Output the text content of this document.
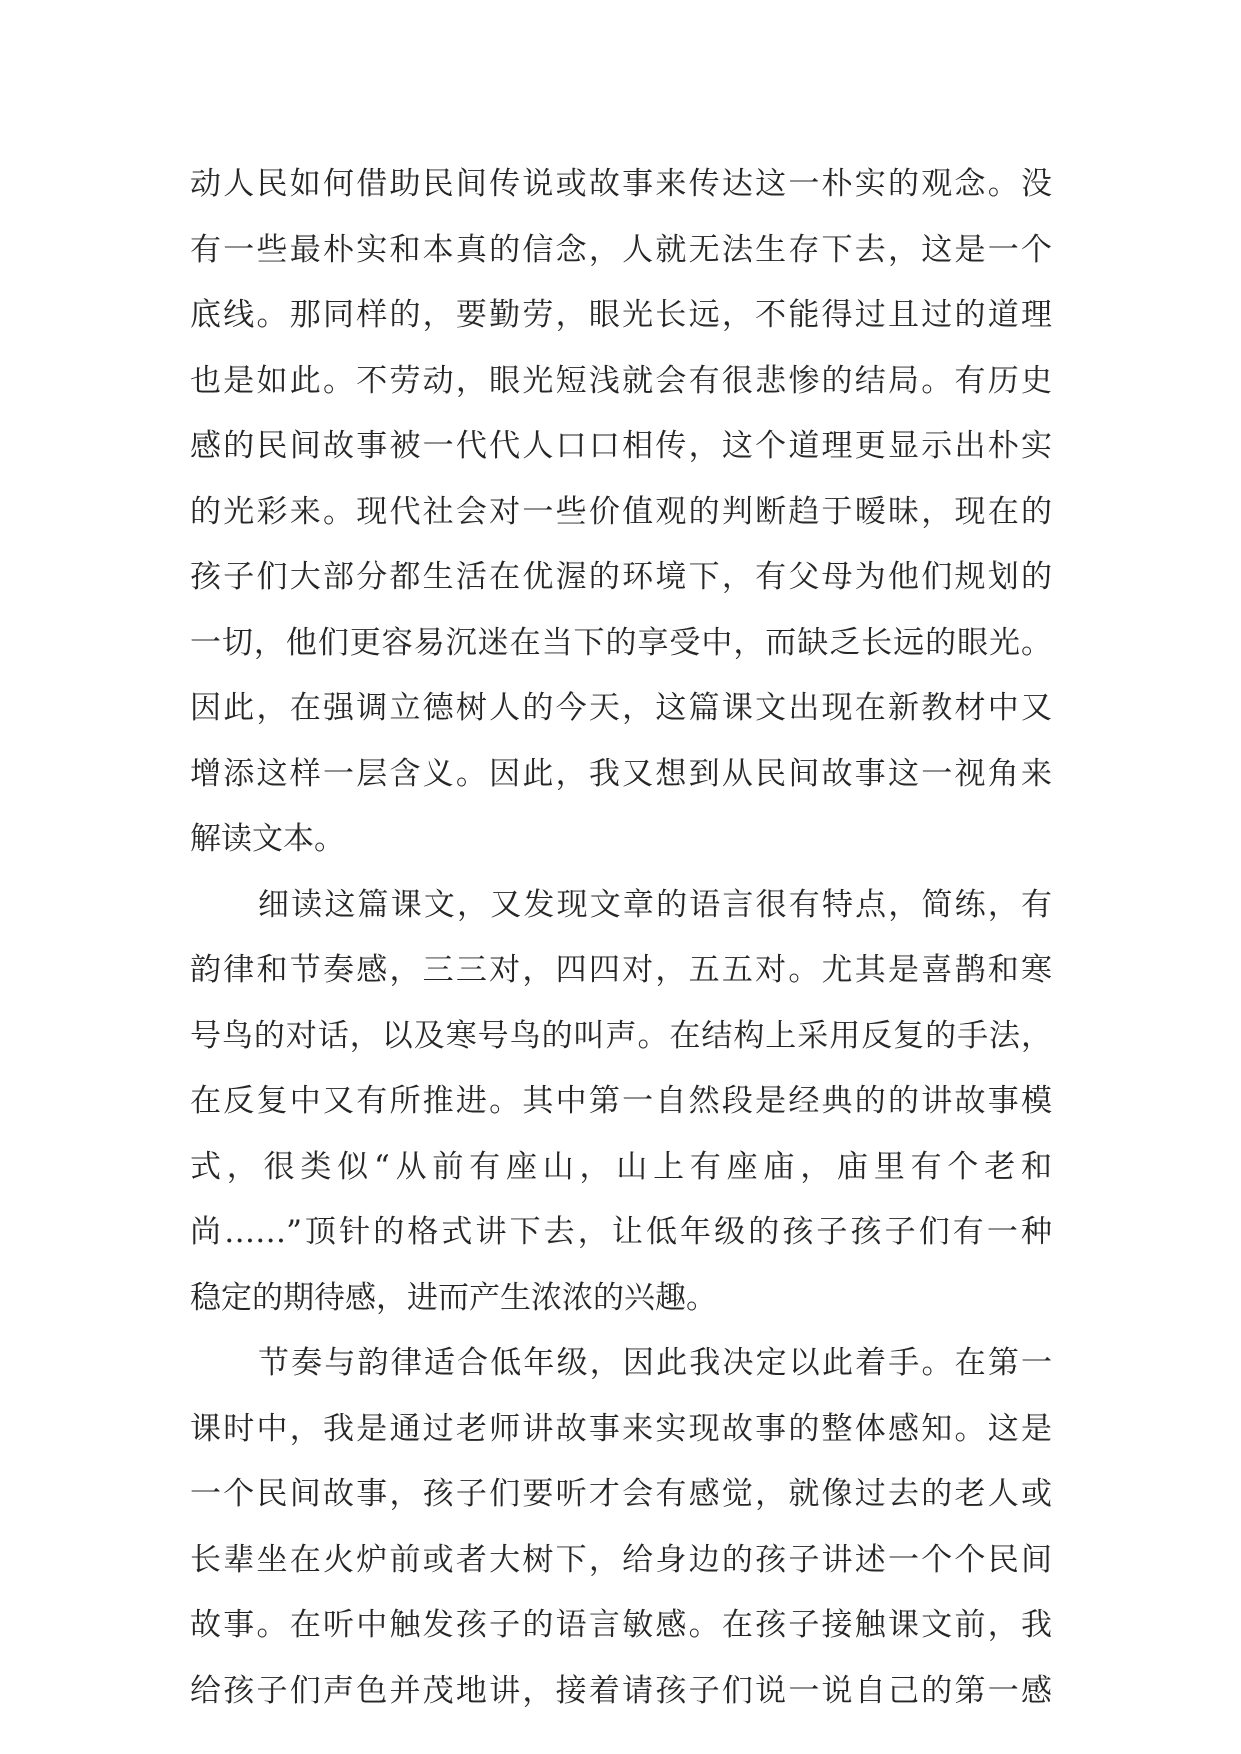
动人民如何借助民间传说或故事来传达这一朴实的观念。没
有一些最朴实和本真的信念，人就无法生存下去，这是一个
底线。那同样的，要勤劳，眼光长远，不能得过且过的道理
也是如此。不劳动，眼光短浅就会有很悲惨的结局。有历史
感的民间故事被一代代人口口相传，这个道理更显示出朴实
的光彩来。现代社会对一些价值观的判断趋于暧昧，现在的
孩子们大部分都生活在优渥的环境下，有父母为他们规划的
一切，他们更容易沉迷在当下的享受中，而缺乏长远的眼光。
因此，在强调立德树人的今天，这篇课文出现在新教材中又
增添这样一层含义。因此，我又想到从民间故事这一视角来
解读文本。
细读这篇课文，又发现文章的语言很有特点，简练，有
韵律和节奏感，三三对，四四对，五五对。尤其是喜鹊和寒
号鸟的对话，以及寒号鸟的叫声。在结构上采用反复的手法，
在反复中又有所推进。其中第一自然段是经典的的讲故事模
式，很类似“从前有座山，山上有座庙，庙里有个老和
尚……”顶针的格式讲下去，让低年级的孩子孩子们有一种
稳定的期待感，进而产生浓浓的兴趣。
节奏与韵律适合低年级，因此我决定以此着手。在第一
课时中，我是通过老师讲故事来实现故事的整体感知。这是
一个民间故事，孩子们要听才会有感觉，就像过去的老人或
长辈坐在火炉前或者大树下，给身边的孩子讲述一个个民间
故事。在听中触发孩子的语言敏感。在孩子接触课文前，我
给孩子们声色并茂地讲，接着请孩子们说一说自己的第一感
